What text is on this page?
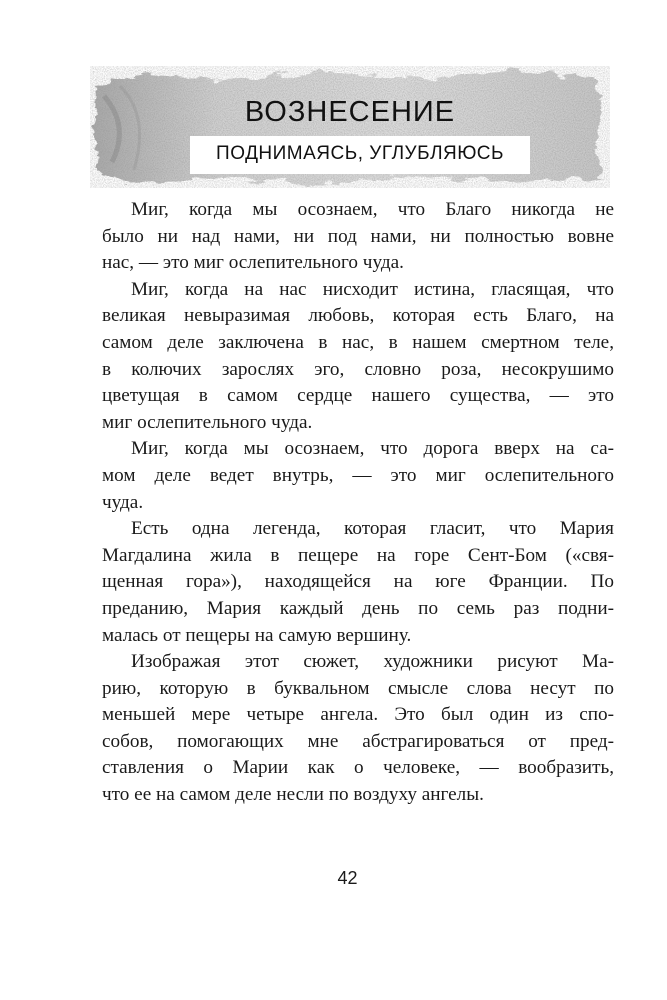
ВОЗНЕСЕНИЕ
ПОДНИМАЯСЬ, УГЛУБЛЯЮСЬ
Миг, когда мы осознаем, что Благо никогда не
было ни над нами, ни под нами, ни полностью вовне
нас, — это миг ослепительного чуда.
Миг, когда на нас нисходит истина, гласящая, что
великая невыразимая любовь, которая есть Благо, на
самом деле заключена в нас, в нашем смертном теле,
в колючих зарослях эго, словно роза, несокрушимо
цветущая в самом сердце нашего существа, — это
миг ослепительного чуда.
Миг, когда мы осознаем, что дорога вверх на са-
мом деле ведет внутрь, — это миг ослепительного
чуда.
Есть одна легенда, которая гласит, что Мария
Магдалина жила в пещере на горе Сент-Бом («свя-
щенная гора»), находящейся на юге Франции. По
преданию, Мария каждый день по семь раз подни-
малась от пещеры на самую вершину.
Изображая этот сюжет, художники рисуют Ма-
рию, которую в буквальном смысле слова несут по
меньшей мере четыре ангела. Это был один из спо-
собов, помогающих мне абстрагироваться от пред-
ставления о Марии как о человеке, — вообразить,
что ее на самом деле несли по воздуху ангелы.
42
